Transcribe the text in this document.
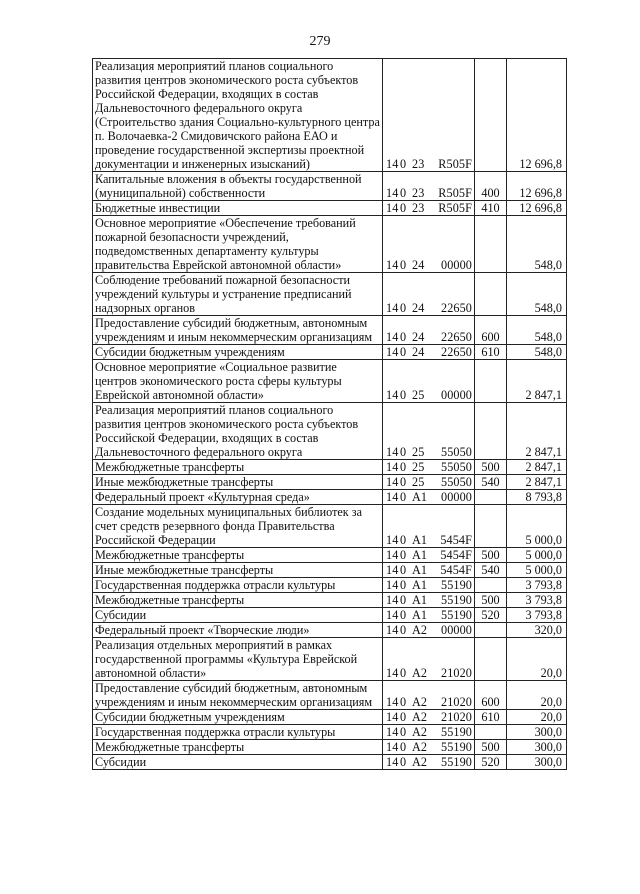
279
Реализация мероприятий планов социального развития центров экономического роста субъектов Российской Федерации, входящих в состав Дальневосточного федерального округа (Строительство здания Социально-культурного центра п. Волочаевка-2 Смидовичского района ЕАО и проведение государственной экспертизы проектной документации и инженерных изысканий)	14 0 23 R505F		12 696,8
Капитальные вложения в объекты государственной (муниципальной) собственности	14 0 23 R505F	400	12 696,8
Бюджетные инвестиции	14 0 23 R505F	410	12 696,8
Основное мероприятие «Обеспечение требований пожарной безопасности учреждений, подведомственных департаменту культуры правительства Еврейской автономной области»	14 0 24 00000		548,0
Соблюдение требований пожарной безопасности учреждений культуры и устранение предписаний надзорных органов	14 0 24 22650		548,0
Предоставление субсидий бюджетным, автономным учреждениям и иным некоммерческим организациям	14 0 24 22650	600	548,0
Субсидии бюджетным учреждениям	14 0 24 22650	610	548,0
Основное мероприятие «Социальное развитие центров экономического роста сферы культуры Еврейской автономной области»	14 0 25 00000		2 847,1
Реализация мероприятий планов социального развития центров экономического роста субъектов Российской Федерации, входящих в состав Дальневосточного федерального округа	14 0 25 55050		2 847,1
Межбюджетные трансферты	14 0 25 55050	500	2 847,1
Иные межбюджетные трансферты	14 0 25 55050	540	2 847,1
Федеральный проект «Культурная среда»	14 0 A1 00000		8 793,8
Создание модельных муниципальных библиотек за счет средств резервного фонда Правительства Российской Федерации	14 0 A1 5454F		5 000,0
Межбюджетные трансферты	14 0 A1 5454F	500	5 000,0
Иные межбюджетные трансферты	14 0 A1 5454F	540	5 000,0
Государственная поддержка отрасли культуры	14 0 A1 55190		3 793,8
Межбюджетные трансферты	14 0 A1 55190	500	3 793,8
Субсидии	14 0 A1 55190	520	3 793,8
Федеральный проект «Творческие люди»	14 0 A2 00000		320,0
Реализация отдельных мероприятий в рамках государственной программы «Культура Еврейской автономной области»	14 0 A2 21020		20,0
Предоставление субсидий бюджетным, автономным учреждениям и иным некоммерческим организациям	14 0 A2 21020	600	20,0
Субсидии бюджетным учреждениям	14 0 A2 21020	610	20,0
Государственная поддержка отрасли культуры	14 0 A2 55190		300,0
Межбюджетные трансферты	14 0 A2 55190	500	300,0
Субсидии	14 0 A2 55190	520	300,0
